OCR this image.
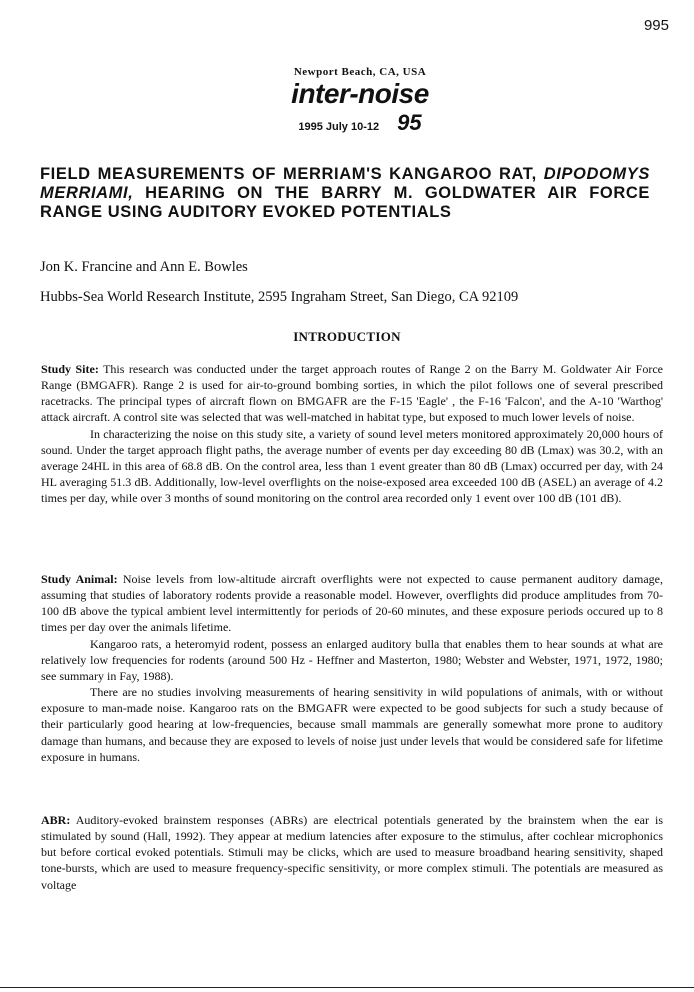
995
Newport Beach, CA, USA
inter-noise
1995 July 10-12 95
FIELD MEASUREMENTS OF MERRIAM'S KANGAROO RAT, DIPODOMYS MERRIAMI, HEARING ON THE BARRY M. GOLDWATER AIR FORCE RANGE USING AUDITORY EVOKED POTENTIALS
Jon K. Francine and Ann E. Bowles
Hubbs-Sea World Research Institute, 2595 Ingraham Street, San Diego, CA 92109
INTRODUCTION

Study Site: This research was conducted under the target approach routes of Range 2 on the Barry M. Goldwater Air Force Range (BMGAFR). Range 2 is used for air-to-ground bombing sorties, in which the pilot follows one of several prescribed racetracks. The principal types of aircraft flown on BMGAFR are the F-15 'Eagle' , the F-16 'Falcon', and the A-10 'Warthog' attack aircraft. A control site was selected that was well-matched in habitat type, but exposed to much lower levels of noise.

In characterizing the noise on this study site, a variety of sound level meters monitored approximately 20,000 hours of sound. Under the target approach flight paths, the average number of events per day exceeding 80 dB (Lmax) was 30.2, with an average 24HL in this area of 68.8 dB. On the control area, less than 1 event greater than 80 dB (Lmax) occurred per day, with 24 HL averaging 51.3 dB. Additionally, low-level overflights on the noise-exposed area exceeded 100 dB (ASEL) an average of 4.2 times per day, while over 3 months of sound monitoring on the control area recorded only 1 event over 100 dB (101 dB).

Study Animal: Noise levels from low-altitude aircraft overflights were not expected to cause permanent auditory damage, assuming that studies of laboratory rodents provide a reasonable model. However, overflights did produce amplitudes from 70-100 dB above the typical ambient level intermittently for periods of 20-60 minutes, and these exposure periods occured up to 8 times per day over the animals lifetime.

Kangaroo rats, a heteromyid rodent, possess an enlarged auditory bulla that enables them to hear sounds at what are relatively low frequencies for rodents (around 500 Hz - Heffner and Masterton, 1980; Webster and Webster, 1971, 1972, 1980; see summary in Fay, 1988).

There are no studies involving measurements of hearing sensitivity in wild populations of animals, with or without exposure to man-made noise. Kangaroo rats on the BMGAFR were expected to be good subjects for such a study because of their particularly good hearing at low-frequencies, because small mammals are generally somewhat more prone to auditory damage than humans, and because they are exposed to levels of noise just under levels that would be considered safe for lifetime exposure in humans.

ABR: Auditory-evoked brainstem responses (ABRs) are electrical potentials generated by the brainstem when the ear is stimulated by sound (Hall, 1992). They appear at medium latencies after exposure to the stimulus, after cochlear microphonics but before cortical evoked potentials. Stimuli may be clicks, which are used to measure broadband hearing sensitivity, shaped tone-bursts, which are used to measure frequency-specific sensitivity, or more complex stimuli. The potentials are measured as voltage
